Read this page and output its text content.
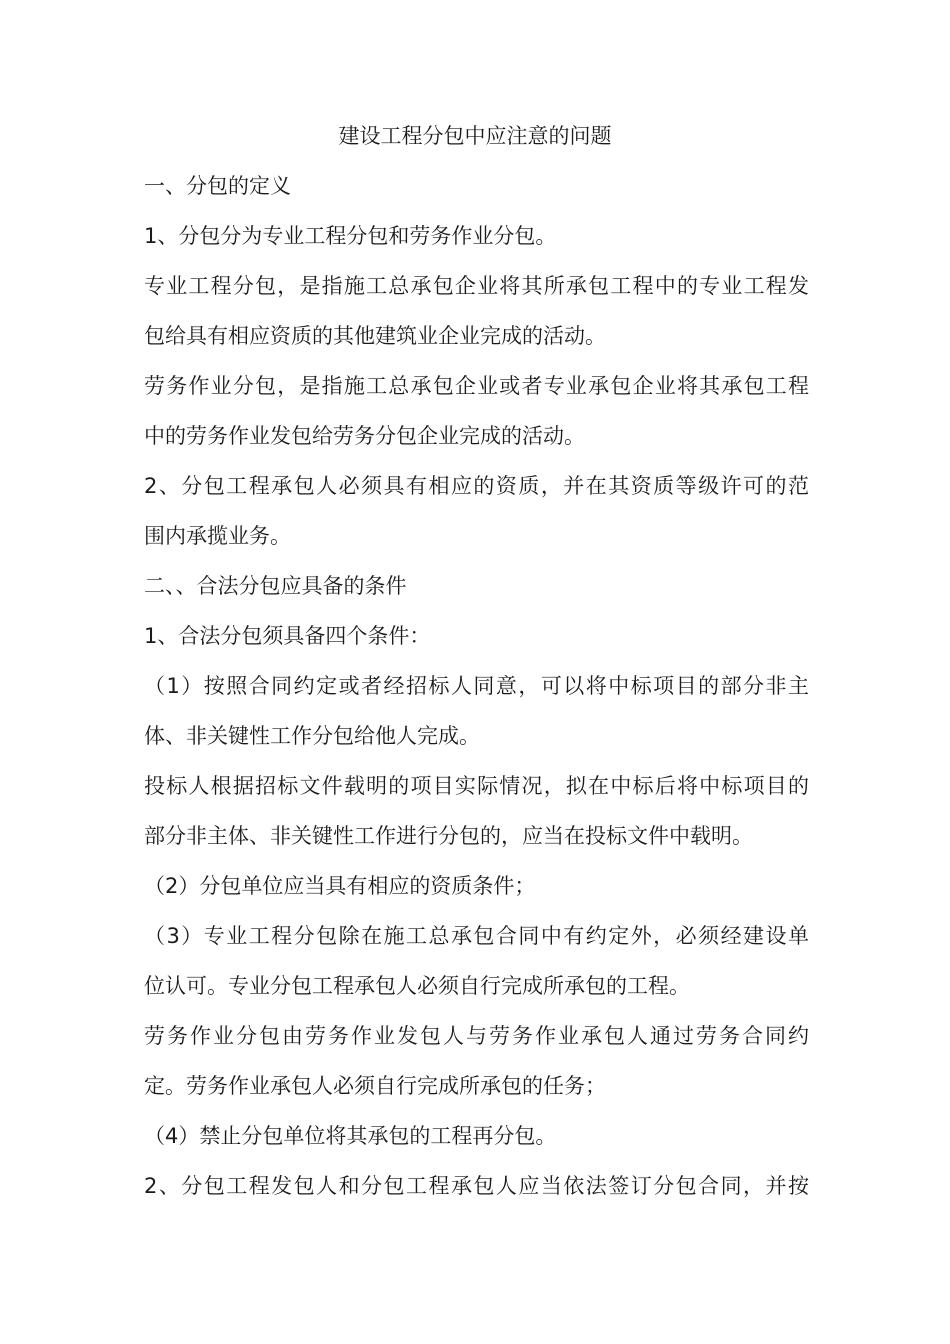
建设工程分包中应注意的问题
一、分包的定义
1、分包分为专业工程分包和劳务作业分包。
专业工程分包，是指施工总承包企业将其所承包工程中的专业工程发
包给具有相应资质的其他建筑业企业完成的活动。
劳务作业分包，是指施工总承包企业或者专业承包企业将其承包工程
中的劳务作业发包给劳务分包企业完成的活动。
2、分包工程承包人必须具有相应的资质，并在其资质等级许可的范
围内承揽业务。
二、、合法分包应具备的条件
1、合法分包须具备四个条件：
（1）按照合同约定或者经招标人同意，可以将中标项目的部分非主
体、非关键性工作分包给他人完成。
投标人根据招标文件载明的项目实际情况，拟在中标后将中标项目的
部分非主体、非关键性工作进行分包的，应当在投标文件中载明。
（2）分包单位应当具有相应的资质条件；
（3）专业工程分包除在施工总承包合同中有约定外，必须经建设单
位认可。专业分包工程承包人必须自行完成所承包的工程。
劳务作业分包由劳务作业发包人与劳务作业承包人通过劳务合同约
定。劳务作业承包人必须自行完成所承包的任务；
（4）禁止分包单位将其承包的工程再分包。
2、分包工程发包人和分包工程承包人应当依法签订分包合同，并按
